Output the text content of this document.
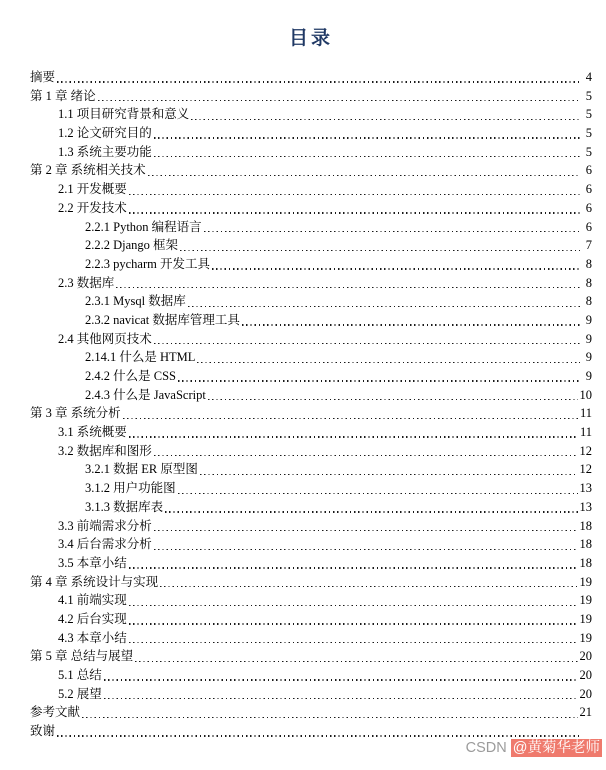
目录
摘要	4
第 1 章 绪论	5
1.1 项目研究背景和意义	5
1.2 论文研究目的	5
1.3 系统主要功能	5
第 2 章 系统相关技术	6
2.1 开发概要	6
2.2 开发技术	6
2.2.1 Python 编程语言	6
2.2.2 Django 框架	7
2.2.3 pycharm 开发工具	8
2.3 数据库	8
2.3.1 Mysql 数据库	8
2.3.2 navicat 数据库管理工具	9
2.4 其他网页技术	9
2.14.1 什么是 HTML	9
2.4.2 什么是 CSS	9
2.4.3 什么是 JavaScript	10
第 3 章 系统分析	11
3.1 系统概要	11
3.2 数据库和图形	12
3.2.1 数据 ER 原型图	12
3.1.2 用户功能图	13
3.1.3 数据库表	13
3.3 前端需求分析	18
3.4 后台需求分析	18
3.5 本章小结	18
第 4 章 系统设计与实现	19
4.1 前端实现	19
4.2 后台实现	19
4.3 本章小结	19
第 5 章 总结与展望	20
5.1 总结	20
5.2 展望	20
参考文献	21
致谢
CSDN @黄菊华老师
